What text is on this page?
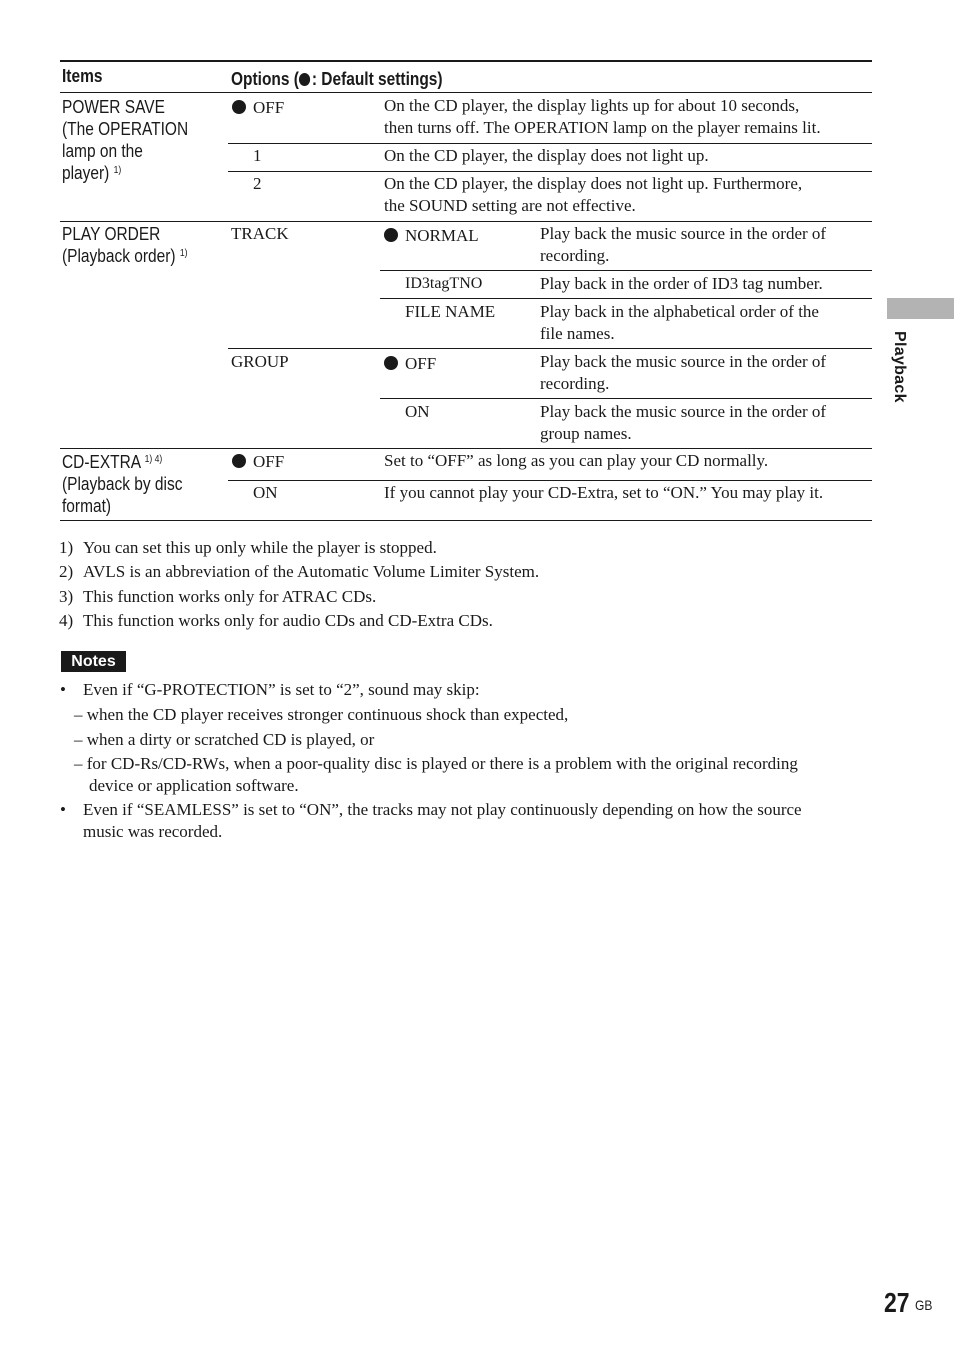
Items	Options ( : Default settings)
POWER SAVE
(The OPERATION
lamp on the
player) $^{1)}$
OFF	On the CD player, the display lights up for about 10 seconds,
then turns off. The OPERATION lamp on the player remains lit.
1	On the CD player, the display does not light up.
2	On the CD player, the display does not light up. Furthermore,
the SOUND setting are not effective.
PLAY ORDER
(Playback order) $^{1)}$
TRACK	NORMAL	Play back the music source in the order of
recording.
ID3tagTNO	Play back in the order of ID3 tag number.
FILE NAME	Play back in the alphabetical order of the
file names.
GROUP	OFF	Play back the music source in the order of
recording.
ON	Play back the music source in the order of
group names.
CD-EXTRA $^{1) 4)}$
(Playback by disc
format)
OFF	Set to “OFF” as long as you can play your CD normally.
ON	If you cannot play your CD-Extra, set to “ON.” You may play it.
1) You can set this up only while the player is stopped.
2) AVLS is an abbreviation of the Automatic Volume Limiter System.
3) This function works only for ATRAC CDs.
4) This function works only for audio CDs and CD-Extra CDs.
Notes
• Even if “G-PROTECTION” is set to “2”, sound may skip:
– when the CD player receives stronger continuous shock than expected,
– when a dirty or scratched CD is played, or
– for CD-Rs/CD-RWs, when a poor-quality disc is played or there is a problem with the original recording
device or application software.
• Even if “SEAMLESS” is set to “ON”, the tracks may not play continuously depending on how the source
music was recorded.
Playback
27 GB
